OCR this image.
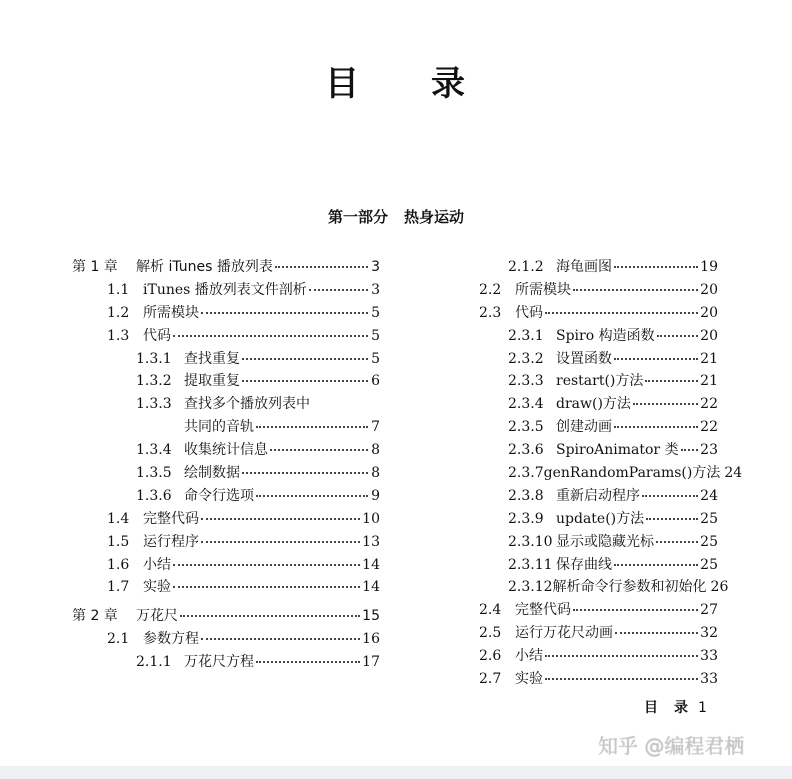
目 录
第一部分 热身运动
第 1 章	解析 iTunes 播放列表	3
1.1 iTunes 播放列表文件剖析	3
1.2 所需模块	5
1.3 代码	5
1.3.1 查找重复	5
1.3.2 提取重复	6
1.3.3 查找多个播放列表中
共同的音轨	7
1.3.4 收集统计信息	8
1.3.5 绘制数据	8
1.3.6 命令行选项	9
1.4 完整代码	10
1.5 运行程序	13
1.6 小结	14
1.7 实验	14
第 2 章	万花尺	15
2.1 参数方程	16
2.1.1 万花尺方程	17
2.1.2 海龟画图	19
2.2 所需模块	20
2.3 代码	20
2.3.1 Spiro 构造函数	20
2.3.2 设置函数	21
2.3.3 restart()方法	21
2.3.4 draw()方法	22
2.3.5 创建动画	22
2.3.6 SpiroAnimator 类 23
2.3.7 genRandomParams()方法 24
2.3.8 重新启动程序	24
2.3.9 update()方法	25
2.3.10 显示或隐藏光标	25
2.3.11 保存曲线	25
2.3.12 解析命令行参数和初始化 26
2.4 完整代码	27
2.5 运行万花尺动画	32
2.6 小结	33
2.7 实验	33
目 录 1
知乎 @编程君栖
